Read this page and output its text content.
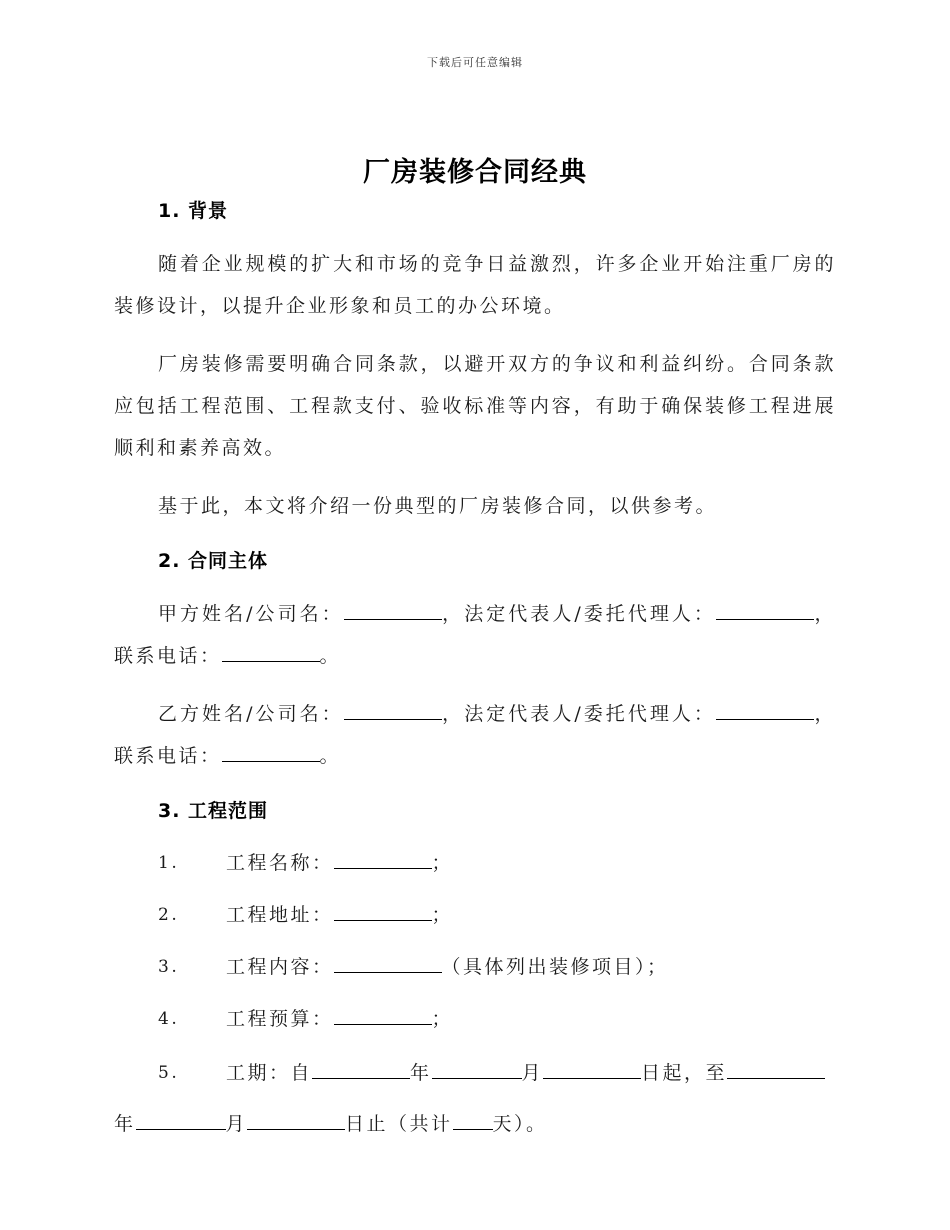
下载后可任意编辑
厂房装修合同经典
1. 背景

随着企业规模的扩大和市场的竞争日益激烈，许多企业开始注重厂房的装修设计，以提升企业形象和员工的办公环境。

厂房装修需要明确合同条款，以避开双方的争议和利益纠纷。合同条款应包括工程范围、工程款支付、验收标准等内容，有助于确保装修工程进展顺利和素养高效。

基于此，本文将介绍一份典型的厂房装修合同，以供参考。

2. 合同主体

甲方姓名/公司名：	，法定代表人/委托代理人：	，联系电话：	。

乙方姓名/公司名：	，法定代表人/委托代理人：	，联系电话：	。

3. 工程范围
1.	工程名称：	；
2.	工程地址：	；
3.	工程内容：	（具体列出装修项目）；
4.	工程预算：	；
5.	工期：自	年	月	日起，至
年	月	日止（共计 天）。
